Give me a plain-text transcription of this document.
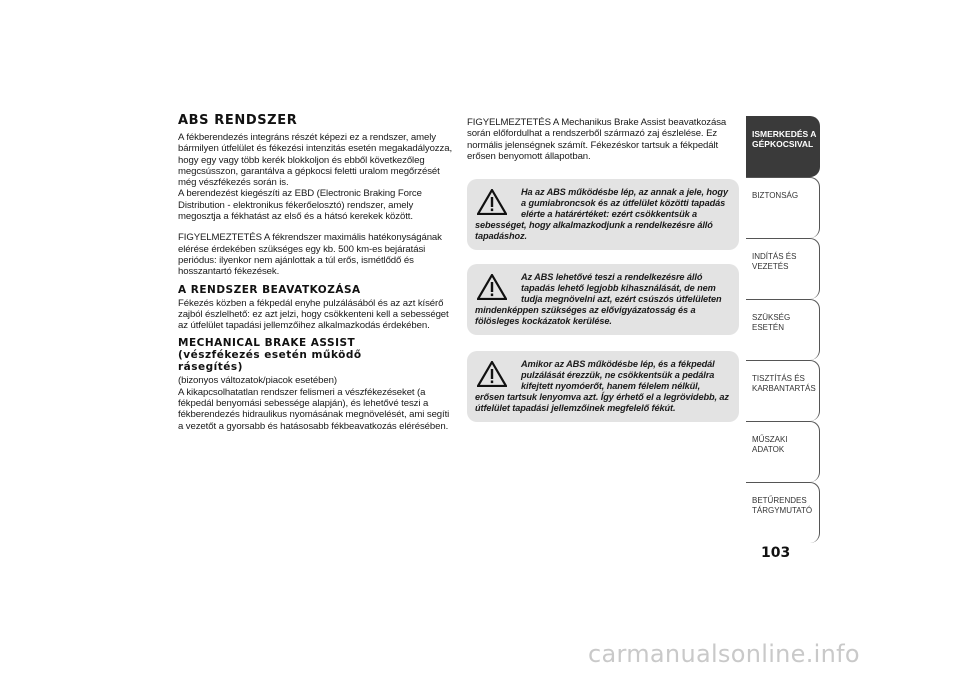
ABS RENDSZER

A fékberendezés integráns részét képezi ez a rendszer, amely bármilyen útfelület és fékezési intenzitás esetén megakadályozza, hogy egy vagy több kerék blokkoljon és ebből következőleg megcsússzon, garantálva a gépkocsi feletti uralom megőrzését még vészfékezés során is.

A berendezést kiegészíti az EBD (Electronic Braking Force Distribution - elektronikus fékerőelosztó) rendszer, amely megosztja a fékhatást az első és a hátsó kerekek között.

FIGYELMEZTETÉS A fékrendszer maximális hatékonyságának elérése érdekében szükséges egy kb. 500 km-es bejáratási periódus: ilyenkor nem ajánlottak a túl erős, ismétlődő és hosszantartó fékezések.

A RENDSZER BEAVATKOZÁSA

Fékezés közben a fékpedál enyhe pulzálásából és az azt kísérő zajból észlelhető: ez azt jelzi, hogy csökkenteni kell a sebességet az útfelület tapadási jellemzőihez alkalmazkodás érdekében.

MECHANICAL BRAKE ASSIST
(vészfékezés esetén működő
rásegítés)

(bizonyos változatok/piacok esetében)

A kikapcsolhatatlan rendszer felismeri a vészfékezéseket (a fékpedál benyomási sebessége alapján), és lehetővé teszi a fékberendezés hidraulikus nyomásának megnövelését, ami segíti a vezetőt a gyorsabb és hatásosabb fékbeavatkozás elérésében.

FIGYELMEZTETÉS A Mechanikus Brake Assist beavatkozása során előfordulhat a rendszerből származó zaj észlelése. Ez normális jelenségnek számít. Fékezéskor tartsuk a fékpedált erősen benyomott állapotban.

Ha az ABS működésbe lép, az annak a jele, hogy a gumiabroncsok és az útfelület közötti tapadás elérte a határértéket: ezért csökkentsük a sebességet, hogy alkalmazkodjunk a rendelkezésre álló tapadáshoz.

Az ABS lehetővé teszi a rendelkezésre álló tapadás lehető legjobb kihasználását, de nem tudja megnövelni azt, ezért csúszós útfelületen mindenképpen szükséges az elővigyázatosság és a fölösleges kockázatok kerülése.

Amikor az ABS működésbe lép, és a fékpedál pulzálását érezzük, ne csökkentsük a pedálra kifejtett nyomóerőt, hanem félelem nélkül, erősen tartsuk lenyomva azt. Így érhető el a legrövidebb, az útfelület tapadási jellemzőinek megfelelő fékút.

ISMERKEDÉS A GÉPKOCSIVAL
BIZTONSÁG
INDÍTÁS ÉS VEZETÉS
SZÜKSÉG ESETÉN
TISZTÍTÁS ÉS KARBANTARTÁS
MŰSZAKI ADATOK
BETŰRENDES TÁRGYMUTATÓ
103
carmanualsonline.info
